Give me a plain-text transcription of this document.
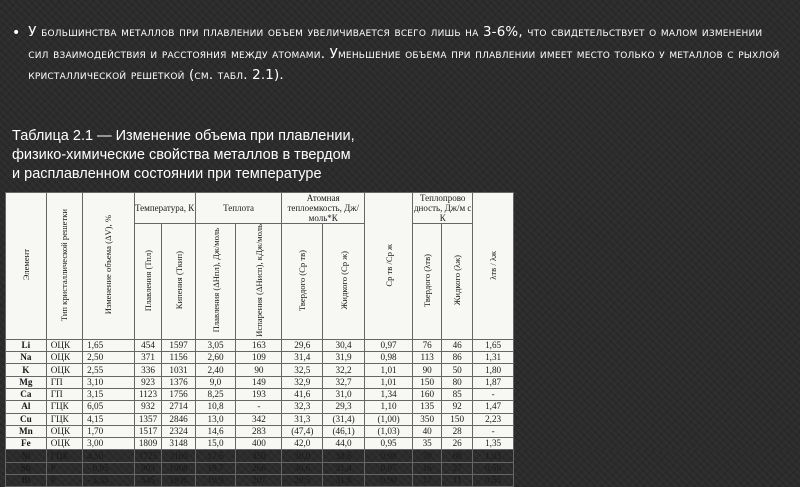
• У большинства металлов при плавлении объем увеличивается всего лишь на 3-6%, что свидетельствует о малом изменении сил взаимодействия и расстояния между атомами. Уменьшение объема при плавлении имеет место только у металлов с рыхлой кристаллической решеткой (см. табл. 2.1).

Таблица 2.1 — Изменение объема при плавлении,

физико-химические свойства металлов в твердом

и расплавленном состоянии при температуре

Элемент	Тип кристаллической решетки	Изменение объема (ΔV), %	Температура, К		Теплота		Атомная теплоемкость, Дж/моль*К		Ср тв /Ср ж	Теплопрово дность, Дж/м с К		λтв / λж
			Плавления (Тпл)	Кипения (Ткип)	Плавления (ΔHпл), Дж/моль	Испарения (ΔHисп), кДж/моль	Твердого (Ср тв)	Жидкого (Ср ж)		Твердого (λтв)	Жидкого (λж)	
Li	ОЦК	1,65	454	1597	3,05	163	29,6	30,4	0,97	76	46	1,65
Na	ОЦК	2,50	371	1156	2,60	109	31,4	31,9	0,98	113	86	1,31
K	ОЦК	2,55	336	1031	2,40	90	32,5	32,2	1,01	90	50	1,80
Mg	ГП	3,10	923	1376	9,0	149	32,9	32,7	1,01	150	80	1,87
Ca	ГП	3,15	1123	1756	8,25	193	41,6	31,0	1,34	160	85	-
Al	ГЦК	6,05	932	2714	10,8	-	32,3	29,3	1,10	135	92	1,47
Cu	ГЦК	4,15	1357	2846	13,0	342	31,3	(31,4)	(1,00)	350	150	2,23
Mn	ОЦК	1,70	1517	2324	14,6	283	(47,4)	(46,1)	(1,03)	40	28	-
Fe	ОЦК	3,00	1809	3148	15,0	400	42,0	44,0	0,95	35	26	1,35
Ni	ГЦК	4,50	1725	3160	17,6	450	38,0	38,6	0,98	70	68	1,03
Sb	Р	- 0,95	903	1908	19,7	266	30,6	31,4	0,97	16	27	0,59
Bi	Р	- 3,35	545	1936	10,9	207	28,5	31,8	0,90	17	11	0,55
